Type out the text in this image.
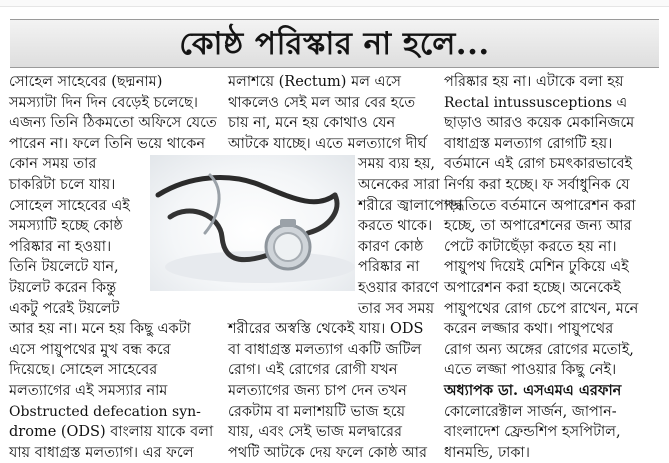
কোষ্ঠ পরিস্কার না হলে...
সোহেল সাহেবের (ছদ্মনাম)
সমস্যাটা দিন দিন বেড়েই চলেছে।
এজন্য তিনি ঠিকমতো অফিসে যেতে
পারেন না। ফলে তিনি ভয়ে থাকেন
কোন সময় তার
চাকরিটা চলে যায়।
সোহেল সাহেবের এই
সমস্যাটি হচ্ছে কোষ্ঠ
পরিষ্কার না হওয়া।
তিনি টয়লেটে যান,
টয়লেট করেন কিন্তু
একটু পরেই টয়লেট
আর হয় না। মনে হয় কিছু একটা
এসে পায়ুপথের মুখ বন্ধ করে
দিয়েছে। সোহেল সাহেবের
মলত্যাগের এই সমস্যার নাম
Obstructed defecation syn-
drome (ODS) বাংলায় যাকে বলা
যায় বাধাগ্রস্ত মলত্যাগ। এর ফলে
মলাশয়ে (Rectum) মল এসে
থাকলেও সেই মল আর বের হতে
চায় না, মনে হয় কোথাও যেন
আটকে যাচ্ছে। এতে মলত্যাগে দীর্ঘ
সময় ব্যয় হয়,
অনেকের সারা
শরীরে জ্বালাপোড়া
করতে থাকে।
কারণ কোষ্ঠ
পরিষ্কার না
হওয়ার কারণে
তার সব সময়
শরীরের অস্বস্তি থেকেই যায়। ODS
বা বাধাগ্রস্ত মলত্যাগ একটি জটিল
রোগ। এই রোগের রোগী যখন
মলত্যাগের জন্য চাপ দেন তখন
রেকটাম বা মলাশয়টি ভাজ হয়ে
যায়, এবং সেই ভাজ মলদ্বারের
পথটি আটকে দেয় ফলে কোষ্ঠ আর
পরিষ্কার হয় না। এটাকে বলা হয়
Rectal intussusceptions এ
ছাড়াও আরও কয়েক মেকানিজমে
বাধাগ্রস্ত মলত্যাগ রোগটি হয়।
বর্তমানে এই রোগ চমৎকারভাবেই
নির্ণয় করা হচ্ছে। ফ সর্বাধুনিক যে
পদ্ধতিতে বর্তমানে অপারেশন করা
হচ্ছে, তা অপারেশনের জন্য আর
পেটে কাটাছেঁড়া করতে হয় না।
পায়ুপথ দিয়েই মেশিন ঢুকিয়ে এই
অপারেশন করা হচ্ছে। অনেকেই
পায়ুপথের রোগ চেপে রাখেন, মনে
করেন লজ্জার কথা। পায়ুপথের
রোগ অন্য অঙ্গের রোগের মতোই,
এতে লজ্জা পাওয়ার কিছু নেই।
অধ্যাপক ডা. এসএমএ এরফান
কোলোরেক্টাল সার্জন, জাপান-
বাংলাদেশ ফ্রেন্ডশিপ হসপিটাল,
ধানমন্ডি, ঢাকা।
